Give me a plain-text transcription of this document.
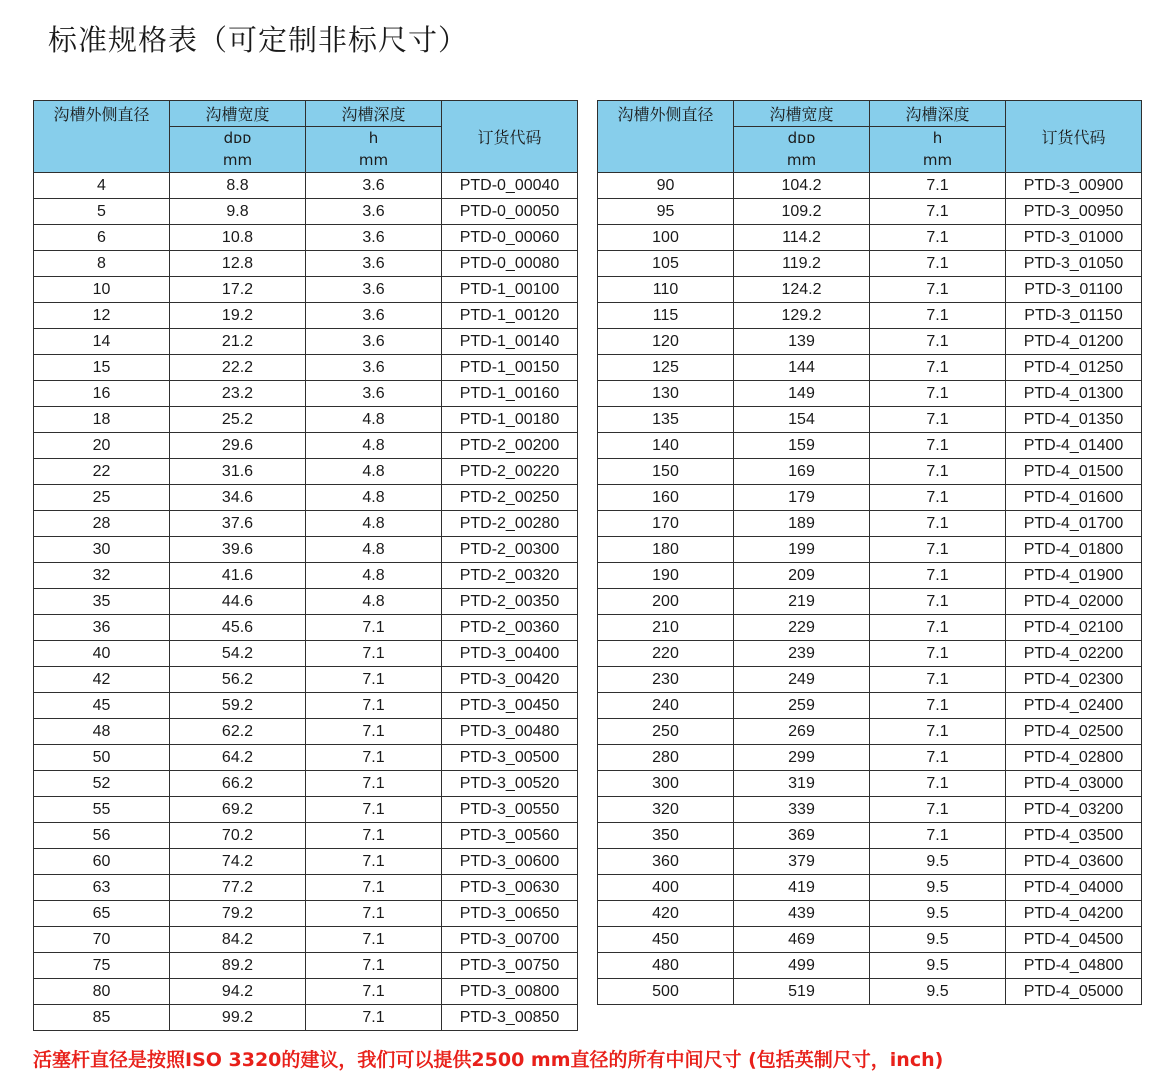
标准规格表（可定制非标尺寸）
沟槽外侧直径	沟槽宽度	沟槽深度	订货代码
	dᴅᴅ	h	
	mm	mm	
4	8.8	3.6	PTD-0_00040
5	9.8	3.6	PTD-0_00050
6	10.8	3.6	PTD-0_00060
8	12.8	3.6	PTD-0_00080
10	17.2	3.6	PTD-1_00100
12	19.2	3.6	PTD-1_00120
14	21.2	3.6	PTD-1_00140
15	22.2	3.6	PTD-1_00150
16	23.2	3.6	PTD-1_00160
18	25.2	4.8	PTD-1_00180
20	29.6	4.8	PTD-2_00200
22	31.6	4.8	PTD-2_00220
25	34.6	4.8	PTD-2_00250
28	37.6	4.8	PTD-2_00280
30	39.6	4.8	PTD-2_00300
32	41.6	4.8	PTD-2_00320
35	44.6	4.8	PTD-2_00350
36	45.6	7.1	PTD-2_00360
40	54.2	7.1	PTD-3_00400
42	56.2	7.1	PTD-3_00420
45	59.2	7.1	PTD-3_00450
48	62.2	7.1	PTD-3_00480
50	64.2	7.1	PTD-3_00500
52	66.2	7.1	PTD-3_00520
55	69.2	7.1	PTD-3_00550
56	70.2	7.1	PTD-3_00560
60	74.2	7.1	PTD-3_00600
63	77.2	7.1	PTD-3_00630
65	79.2	7.1	PTD-3_00650
70	84.2	7.1	PTD-3_00700
75	89.2	7.1	PTD-3_00750
80	94.2	7.1	PTD-3_00800
85	99.2	7.1	PTD-3_00850
沟槽外侧直径	沟槽宽度	沟槽深度	订货代码
	dᴅᴅ	h	
	mm	mm	
90	104.2	7.1	PTD-3_00900
95	109.2	7.1	PTD-3_00950
100	114.2	7.1	PTD-3_01000
105	119.2	7.1	PTD-3_01050
110	124.2	7.1	PTD-3_01100
115	129.2	7.1	PTD-3_01150
120	139	7.1	PTD-4_01200
125	144	7.1	PTD-4_01250
130	149	7.1	PTD-4_01300
135	154	7.1	PTD-4_01350
140	159	7.1	PTD-4_01400
150	169	7.1	PTD-4_01500
160	179	7.1	PTD-4_01600
170	189	7.1	PTD-4_01700
180	199	7.1	PTD-4_01800
190	209	7.1	PTD-4_01900
200	219	7.1	PTD-4_02000
210	229	7.1	PTD-4_02100
220	239	7.1	PTD-4_02200
230	249	7.1	PTD-4_02300
240	259	7.1	PTD-4_02400
250	269	7.1	PTD-4_02500
280	299	7.1	PTD-4_02800
300	319	7.1	PTD-4_03000
320	339	7.1	PTD-4_03200
350	369	7.1	PTD-4_03500
360	379	9.5	PTD-4_03600
400	419	9.5	PTD-4_04000
420	439	9.5	PTD-4_04200
450	469	9.5	PTD-4_04500
480	499	9.5	PTD-4_04800
500	519	9.5	PTD-4_05000
活塞杆直径是按照ISO 3320的建议，我们可以提供2500 mm直径的所有中间尺寸 (包括英制尺寸，inch)
